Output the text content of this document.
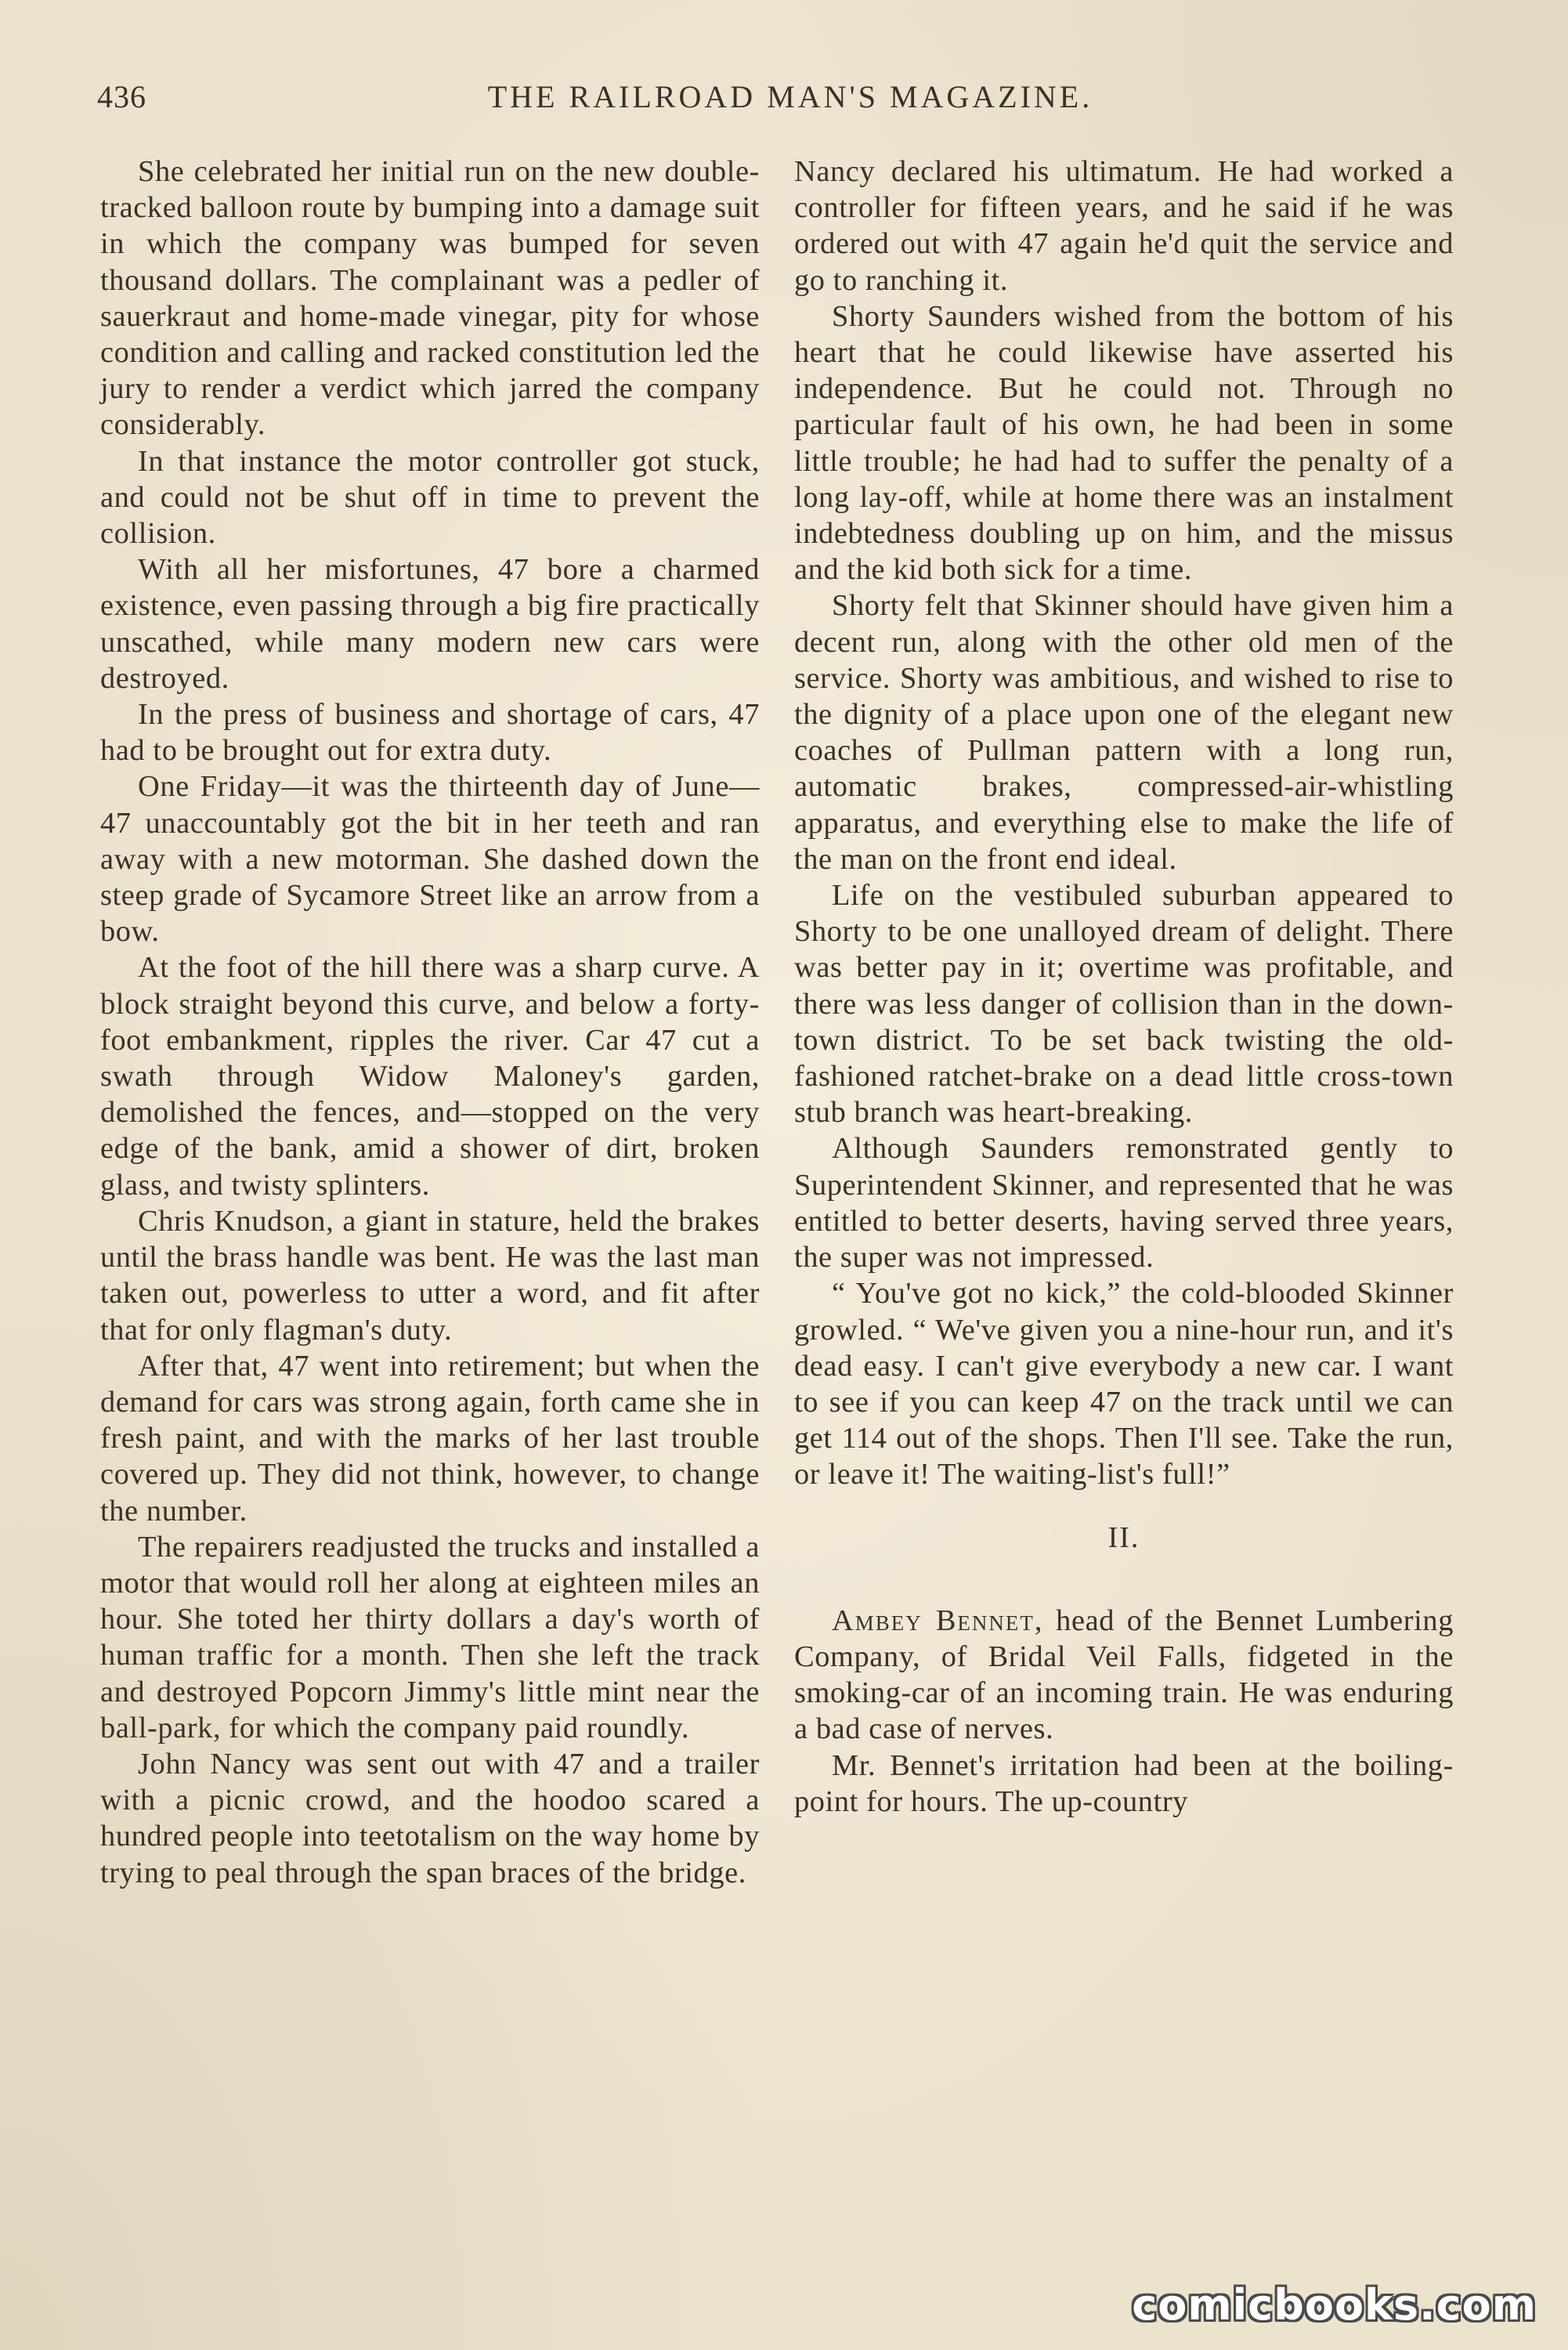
436	THE RAILROAD MAN'S MAGAZINE.

She celebrated her initial run on the new double-tracked balloon route by bumping into a damage suit in which the company was bumped for seven thousand dollars. The complainant was a pedler of sauerkraut and home-made vinegar, pity for whose condition and calling and racked constitution led the jury to render a verdict which jarred the company considerably.

In that instance the motor controller got stuck, and could not be shut off in time to prevent the collision.

With all her misfortunes, 47 bore a charmed existence, even passing through a big fire practically unscathed, while many modern new cars were destroyed.

In the press of business and shortage of cars, 47 had to be brought out for extra duty.

One Friday—it was the thirteenth day of June—47 unaccountably got the bit in her teeth and ran away with a new motorman. She dashed down the steep grade of Sycamore Street like an arrow from a bow.

At the foot of the hill there was a sharp curve. A block straight beyond this curve, and below a forty-foot embankment, ripples the river. Car 47 cut a swath through Widow Maloney's garden, demolished the fences, and—stopped on the very edge of the bank, amid a shower of dirt, broken glass, and twisty splinters.

Chris Knudson, a giant in stature, held the brakes until the brass handle was bent. He was the last man taken out, powerless to utter a word, and fit after that for only flagman's duty.

After that, 47 went into retirement; but when the demand for cars was strong again, forth came she in fresh paint, and with the marks of her last trouble covered up. They did not think, however, to change the number.

The repairers readjusted the trucks and installed a motor that would roll her along at eighteen miles an hour. She toted her thirty dollars a day's worth of human traffic for a month. Then she left the track and destroyed Popcorn Jimmy's little mint near the ball-park, for which the company paid roundly.

John Nancy was sent out with 47 and a trailer with a picnic crowd, and the hoodoo scared a hundred people into teetotalism on the way home by trying to peal through the span braces of the bridge.

Nancy declared his ultimatum. He had worked a controller for fifteen years, and he said if he was ordered out with 47 again he'd quit the service and go to ranching it.

Shorty Saunders wished from the bottom of his heart that he could likewise have asserted his independence. But he could not. Through no particular fault of his own, he had been in some little trouble; he had had to suffer the penalty of a long lay-off, while at home there was an instalment indebtedness doubling up on him, and the missus and the kid both sick for a time.

Shorty felt that Skinner should have given him a decent run, along with the other old men of the service. Shorty was ambitious, and wished to rise to the dignity of a place upon one of the elegant new coaches of Pullman pattern with a long run, automatic brakes, compressed-air-whistling apparatus, and everything else to make the life of the man on the front end ideal.

Life on the vestibuled suburban appeared to Shorty to be one unalloyed dream of delight. There was better pay in it; overtime was profitable, and there was less danger of collision than in the down-town district. To be set back twisting the old-fashioned ratchet-brake on a dead little cross-town stub branch was heart-breaking.

Although Saunders remonstrated gently to Superintendent Skinner, and represented that he was entitled to better deserts, having served three years, the super was not impressed.

“ You've got no kick,” the cold-blooded Skinner growled. “ We've given you a nine-hour run, and it's dead easy. I can't give everybody a new car. I want to see if you can keep 47 on the track until we can get 114 out of the shops. Then I'll see. Take the run, or leave it! The waiting-list's full!”

II.

Ambey Bennet, head of the Bennet Lumbering Company, of Bridal Veil Falls, fidgeted in the smoking-car of an incoming train. He was enduring a bad case of nerves.

Mr. Bennet's irritation had been at the boiling-point for hours. The up-country

comicbooks.com
